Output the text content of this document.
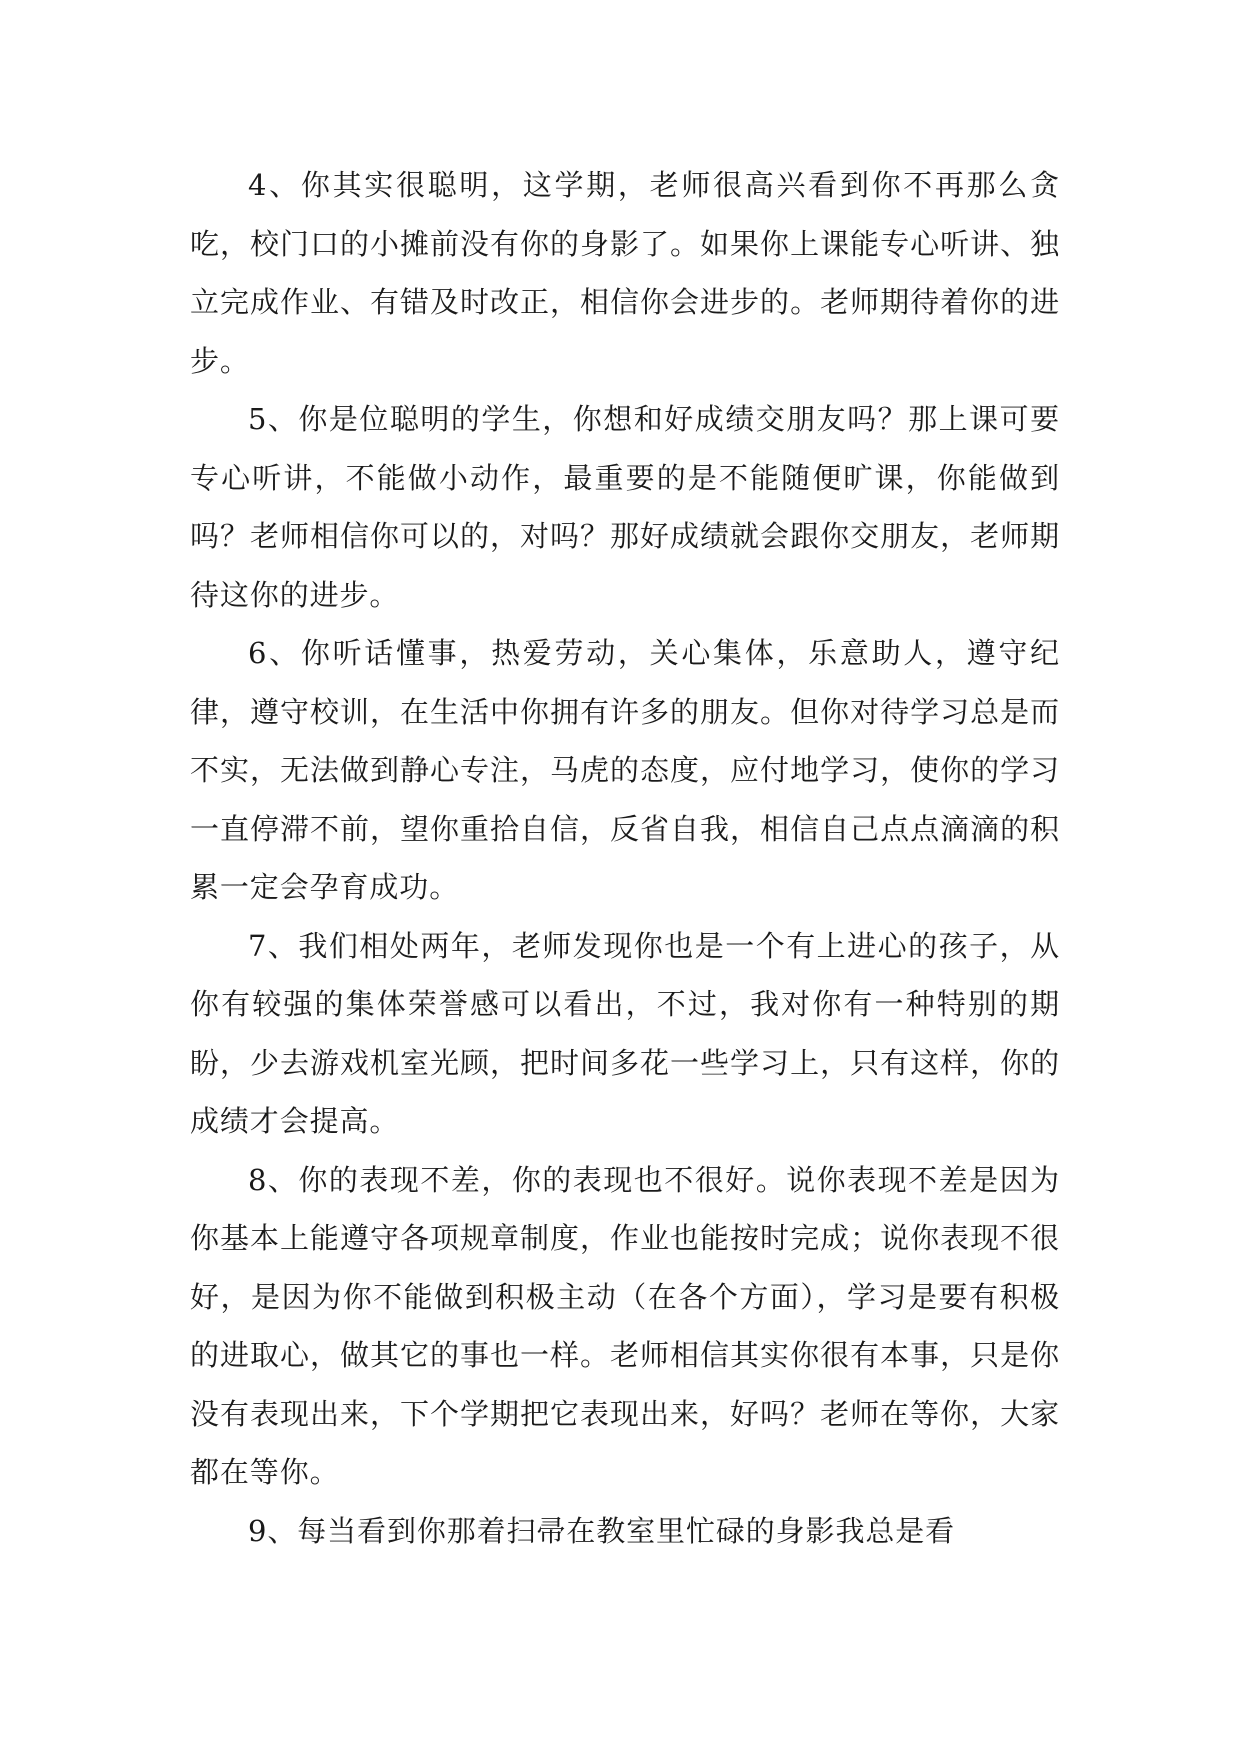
4、你其实很聪明，这学期，老师很高兴看到你不再那么贪吃，校门口的小摊前没有你的身影了。如果你上课能专心听讲、独立完成作业、有错及时改正，相信你会进步的。老师期待着你的进步。

5、你是位聪明的学生，你想和好成绩交朋友吗？那上课可要专心听讲，不能做小动作，最重要的是不能随便旷课，你能做到吗？老师相信你可以的，对吗？那好成绩就会跟你交朋友，老师期待这你的进步。

6、你听话懂事，热爱劳动，关心集体，乐意助人，遵守纪律，遵守校训，在生活中你拥有许多的朋友。但你对待学习总是而不实，无法做到静心专注，马虎的态度，应付地学习，使你的学习一直停滞不前，望你重拾自信，反省自我，相信自己点点滴滴的积累一定会孕育成功。

7、我们相处两年，老师发现你也是一个有上进心的孩子，从你有较强的集体荣誉感可以看出，不过，我对你有一种特别的期盼，少去游戏机室光顾，把时间多花一些学习上，只有这样，你的成绩才会提高。

8、你的表现不差，你的表现也不很好。说你表现不差是因为你基本上能遵守各项规章制度，作业也能按时完成；说你表现不很好，是因为你不能做到积极主动（在各个方面），学习是要有积极的进取心，做其它的事也一样。老师相信其实你很有本事，只是你没有表现出来，下个学期把它表现出来，好吗？老师在等你，大家都在等你。

9、每当看到你那着扫帚在教室里忙碌的身影我总是看
